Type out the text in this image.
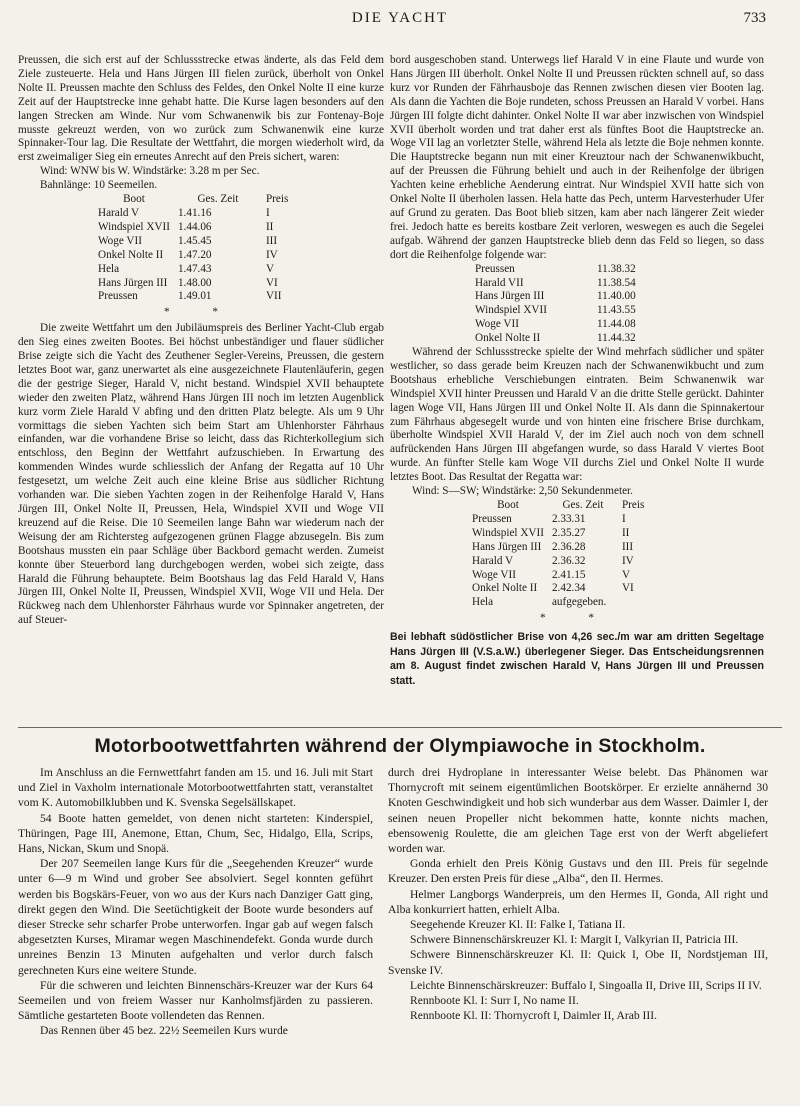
DIE YACHT	733

Preussen, die sich erst auf der Schlussstrecke etwas änderte, als das Feld dem Ziele zusteuerte. Hela und Hans Jürgen III fielen zurück, überholt von Onkel Nolte II. Preussen machte den Schluss des Feldes, den Onkel Nolte II eine kurze Zeit auf der Hauptstrecke inne gehabt hatte. Die Kurse lagen besonders auf den langen Strecken am Winde. Nur vom Schwanenwik bis zur Fontenay-Boje musste gekreuzt werden, von wo zurück zum Schwanenwik eine kurze Spinnaker-Tour lag. Die Resultate der Wettfahrt, die morgen wiederholt wird, da erst zweimaliger Sieg ein erneutes Anrecht auf den Preis sichert, waren:

Wind: WNW bis W. Windstärke: 3.28 m per Sec.

Bahnlänge: 10 Seemeilen.

Boot	Ges. Zeit	Preis
Harald V	1.41.16	I
Windspiel XVII	1.44.06	II
Woge VII	1.45.45	III
Onkel Nolte II	1.47.20	IV
Hela	1.47.43	V
Hans Jürgen III	1.48.00	VI
Preussen	1.49.01	VII

* *

Die zweite Wettfahrt um den Jubiläumspreis des Berliner Yacht-Club ergab den Sieg eines zweiten Bootes. Bei höchst unbeständiger und flauer südlicher Brise zeigte sich die Yacht des Zeuthener Segler-Vereins, Preussen, die gestern letztes Boot war, ganz unerwartet als eine ausgezeichnete Flautenläuferin, gegen die der gestrige Sieger, Harald V, nicht bestand. Windspiel XVII behauptete wieder den zweiten Platz, während Hans Jürgen III noch im letzten Augenblick kurz vorm Ziele Harald V abfing und den dritten Platz belegte. Als um 9 Uhr vormittags die sieben Yachten sich beim Start am Uhlenhorster Fährhaus einfanden, war die vorhandene Brise so leicht, dass das Richterkollegium sich entschloss, den Beginn der Wettfahrt aufzuschieben. In Erwartung des kommenden Windes wurde schliesslich der Anfang der Regatta auf 10 Uhr festgesetzt, um welche Zeit auch eine kleine Brise aus südlicher Richtung vorhanden war. Die sieben Yachten zogen in der Reihenfolge Harald V, Hans Jürgen III, Onkel Nolte II, Preussen, Hela, Windspiel XVII und Woge VII kreuzend auf die Reise. Die 10 Seemeilen lange Bahn war wiederum nach der Weisung der am Richtersteg aufgezogenen grünen Flagge abzusegeln. Bis zum Bootshaus mussten ein paar Schläge über Backbord gemacht werden. Zumeist konnte über Steuerbord lang durchgebogen werden, wobei sich zeigte, dass Harald die Führung behauptete. Beim Bootshaus lag das Feld Harald V, Hans Jürgen III, Onkel Nolte II, Preussen, Windspiel XVII, Woge VII und Hela. Der Rückweg nach dem Uhlenhorster Fährhaus wurde vor Spinnaker angetreten, der auf Steuer-

bord ausgeschoben stand. Unterwegs lief Harald V in eine Flaute und wurde von Hans Jürgen III überholt. Onkel Nolte II und Preussen rückten schnell auf, so dass kurz vor Runden der Fährhausboje das Rennen zwischen diesen vier Booten lag. Als dann die Yachten die Boje rundeten, schoss Preussen an Harald V vorbei. Hans Jürgen III folgte dicht dahinter. Onkel Nolte II war aber inzwischen von Windspiel XVII überholt worden und trat daher erst als fünftes Boot die Hauptstrecke an. Woge VII lag an vorletzter Stelle, während Hela als letzte die Boje nehmen konnte. Die Hauptstrecke begann nun mit einer Kreuztour nach der Schwanenwikbucht, auf der Preussen die Führung behielt und auch in der Reihenfolge der übrigen Yachten keine erhebliche Aenderung eintrat. Nur Windspiel XVII hatte sich von Onkel Nolte II überholen lassen. Hela hatte das Pech, unterm Harvesterhuder Ufer auf Grund zu geraten. Das Boot blieb sitzen, kam aber nach längerer Zeit wieder frei. Jedoch hatte es bereits kostbare Zeit verloren, weswegen es auch die Segelei aufgab. Während der ganzen Hauptstrecke blieb denn das Feld so liegen, so dass dort die Reihenfolge folgende war:

Preussen	11.38.32
Harald VII	11.38.54
Hans Jürgen III	11.40.00
Windspiel XVII	11.43.55
Woge VII	11.44.08
Onkel Nolte II	11.44.32

Während der Schlussstrecke spielte der Wind mehrfach südlicher und später westlicher, so dass gerade beim Kreuzen nach der Schwanenwikbucht und zum Bootshaus erhebliche Verschiebungen eintraten. Beim Schwanenwik war Windspiel XVII hinter Preussen und Harald V an die dritte Stelle gerückt. Dahinter lagen Woge VII, Hans Jürgen III und Onkel Nolte II. Als dann die Spinnakertour zum Fährhaus abgesegelt wurde und von hinten eine frischere Brise durchkam, überholte Windspiel XVII Harald V, der im Ziel auch noch von dem schnell aufrückenden Hans Jürgen III abgefangen wurde, so dass Harald V viertes Boot wurde. An fünfter Stelle kam Woge VII durchs Ziel und Onkel Nolte II wurde letztes Boot. Das Resultat der Regatta war:

Wind: S—SW; Windstärke: 2,50 Sekundenmeter.

Boot	Ges. Zeit	Preis
Preussen	2.33.31	I
Windspiel XVII	2.35.27	II
Hans Jürgen III	2.36.28	III
Harald V	2.36.32	IV
Woge VII	2.41.15	V
Onkel Nolte II	2.42.34	VI
Hela	aufgegeben.	

* *

Bei lebhaft südöstlicher Brise von 4,26 sec./m war am dritten Segeltage Hans Jürgen III (V.S.a.W.) überlegener Sieger. Das Entscheidungsrennen am 8. August findet zwischen Harald V, Hans Jürgen III und Preussen statt.

Motorbootwettfahrten während der Olympiawoche in Stockholm.

Im Anschluss an die Fernwettfahrt fanden am 15. und 16. Juli mit Start und Ziel in Vaxholm internationale Motorbootwettfahrten statt, veranstaltet vom K. Automobilklubben und K. Svenska Segelsällskapet.

54 Boote hatten gemeldet, von denen nicht starteten: Kinderspiel, Thüringen, Page III, Anemone, Ettan, Chum, Sec, Hidalgo, Ella, Scrips, Hans, Nickan, Skum und Snopä.

Der 207 Seemeilen lange Kurs für die „Seegehenden Kreuzer“ wurde unter 6—9 m Wind und grober See absolviert. Segel konnten geführt werden bis Bogskärs-Feuer, von wo aus der Kurs nach Danziger Gatt ging, direkt gegen den Wind. Die Seetüchtigkeit der Boote wurde besonders auf dieser Strecke sehr scharfer Probe unterworfen. Ingar gab auf wegen falsch abgesetzten Kurses, Miramar wegen Maschinendefekt. Gonda wurde durch unreines Benzin 13 Minuten aufgehalten und verlor durch falsch gerechneten Kurs eine weitere Stunde.

Für die schweren und leichten Binnenschärs-Kreuzer war der Kurs 64 Seemeilen und von freiem Wasser nur Kanholmsfjärden zu passieren. Sämtliche gestarteten Boote vollendeten das Rennen.

Das Rennen über 45 bez. 22½ Seemeilen Kurs wurde

durch drei Hydroplane in interessanter Weise belebt. Das Phänomen war Thornycroft mit seinem eigentümlichen Bootskörper. Er erzielte annähernd 30 Knoten Geschwindigkeit und hob sich wunderbar aus dem Wasser. Daimler I, der seinen neuen Propeller nicht bekommen hatte, konnte nichts machen, ebensowenig Roulette, die am gleichen Tage erst von der Werft abgeliefert worden war.

Gonda erhielt den Preis König Gustavs und den III. Preis für segelnde Kreuzer. Den ersten Preis für diese „Alba“, den II. Hermes.

Helmer Langborgs Wanderpreis, um den Hermes II, Gonda, All right und Alba konkurriert hatten, erhielt Alba.

Seegehende Kreuzer Kl. II: Falke I, Tatiana II.

Schwere Binnenschärskreuzer Kl. I: Margit I, Valkyrian II, Patricia III.

Schwere Binnenschärskreuzer Kl. II: Quick I, Obe II, Nordstjeman III, Svenske IV.

Leichte Binnenschärskreuzer: Buffalo I, Singoalla II, Drive III, Scrips II IV.

Rennboote Kl. I: Surr I, No name II.

Rennboote Kl. II: Thornycroft I, Daimler II, Arab III.
